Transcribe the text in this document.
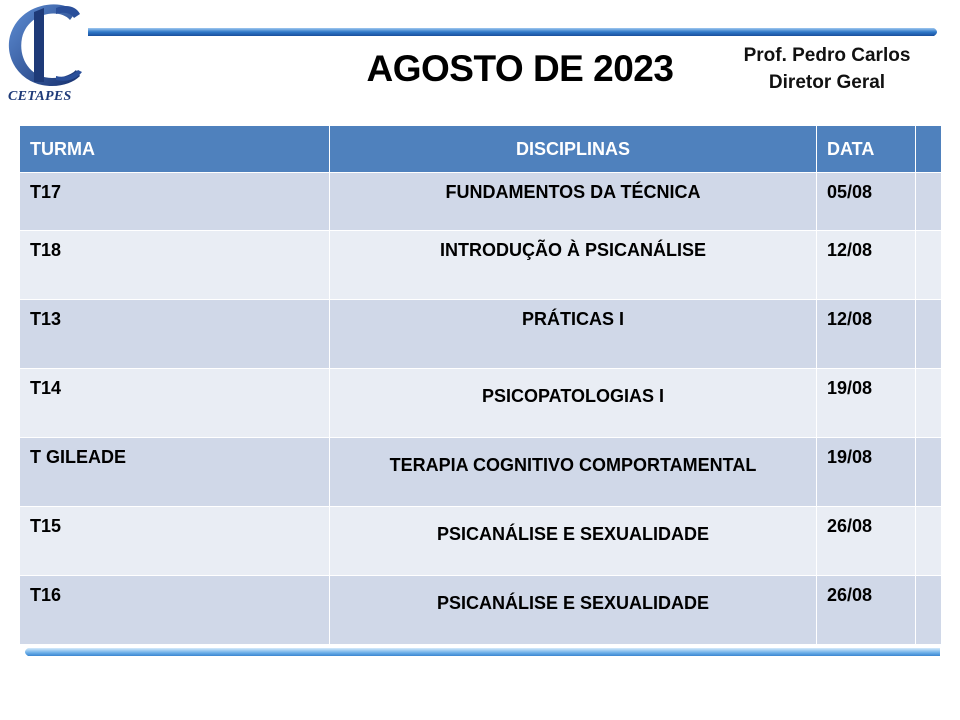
CETAPES
AGOSTO DE 2023	Prof. Pedro Carlos
Diretor Geral
TURMA	DISCIPLINAS	DATA	
T17	FUNDAMENTOS DA TÉCNICA	05/08	
T18	INTRODUÇÃO À PSICANÁLISE	12/08	
T13	PRÁTICAS I	12/08	
T14	PSICOPATOLOGIAS I	19/08	
T GILEADE	TERAPIA COGNITIVO COMPORTAMENTAL	19/08	
T15	PSICANÁLISE E SEXUALIDADE	26/08	
T16	PSICANÁLISE E SEXUALIDADE	26/08	
